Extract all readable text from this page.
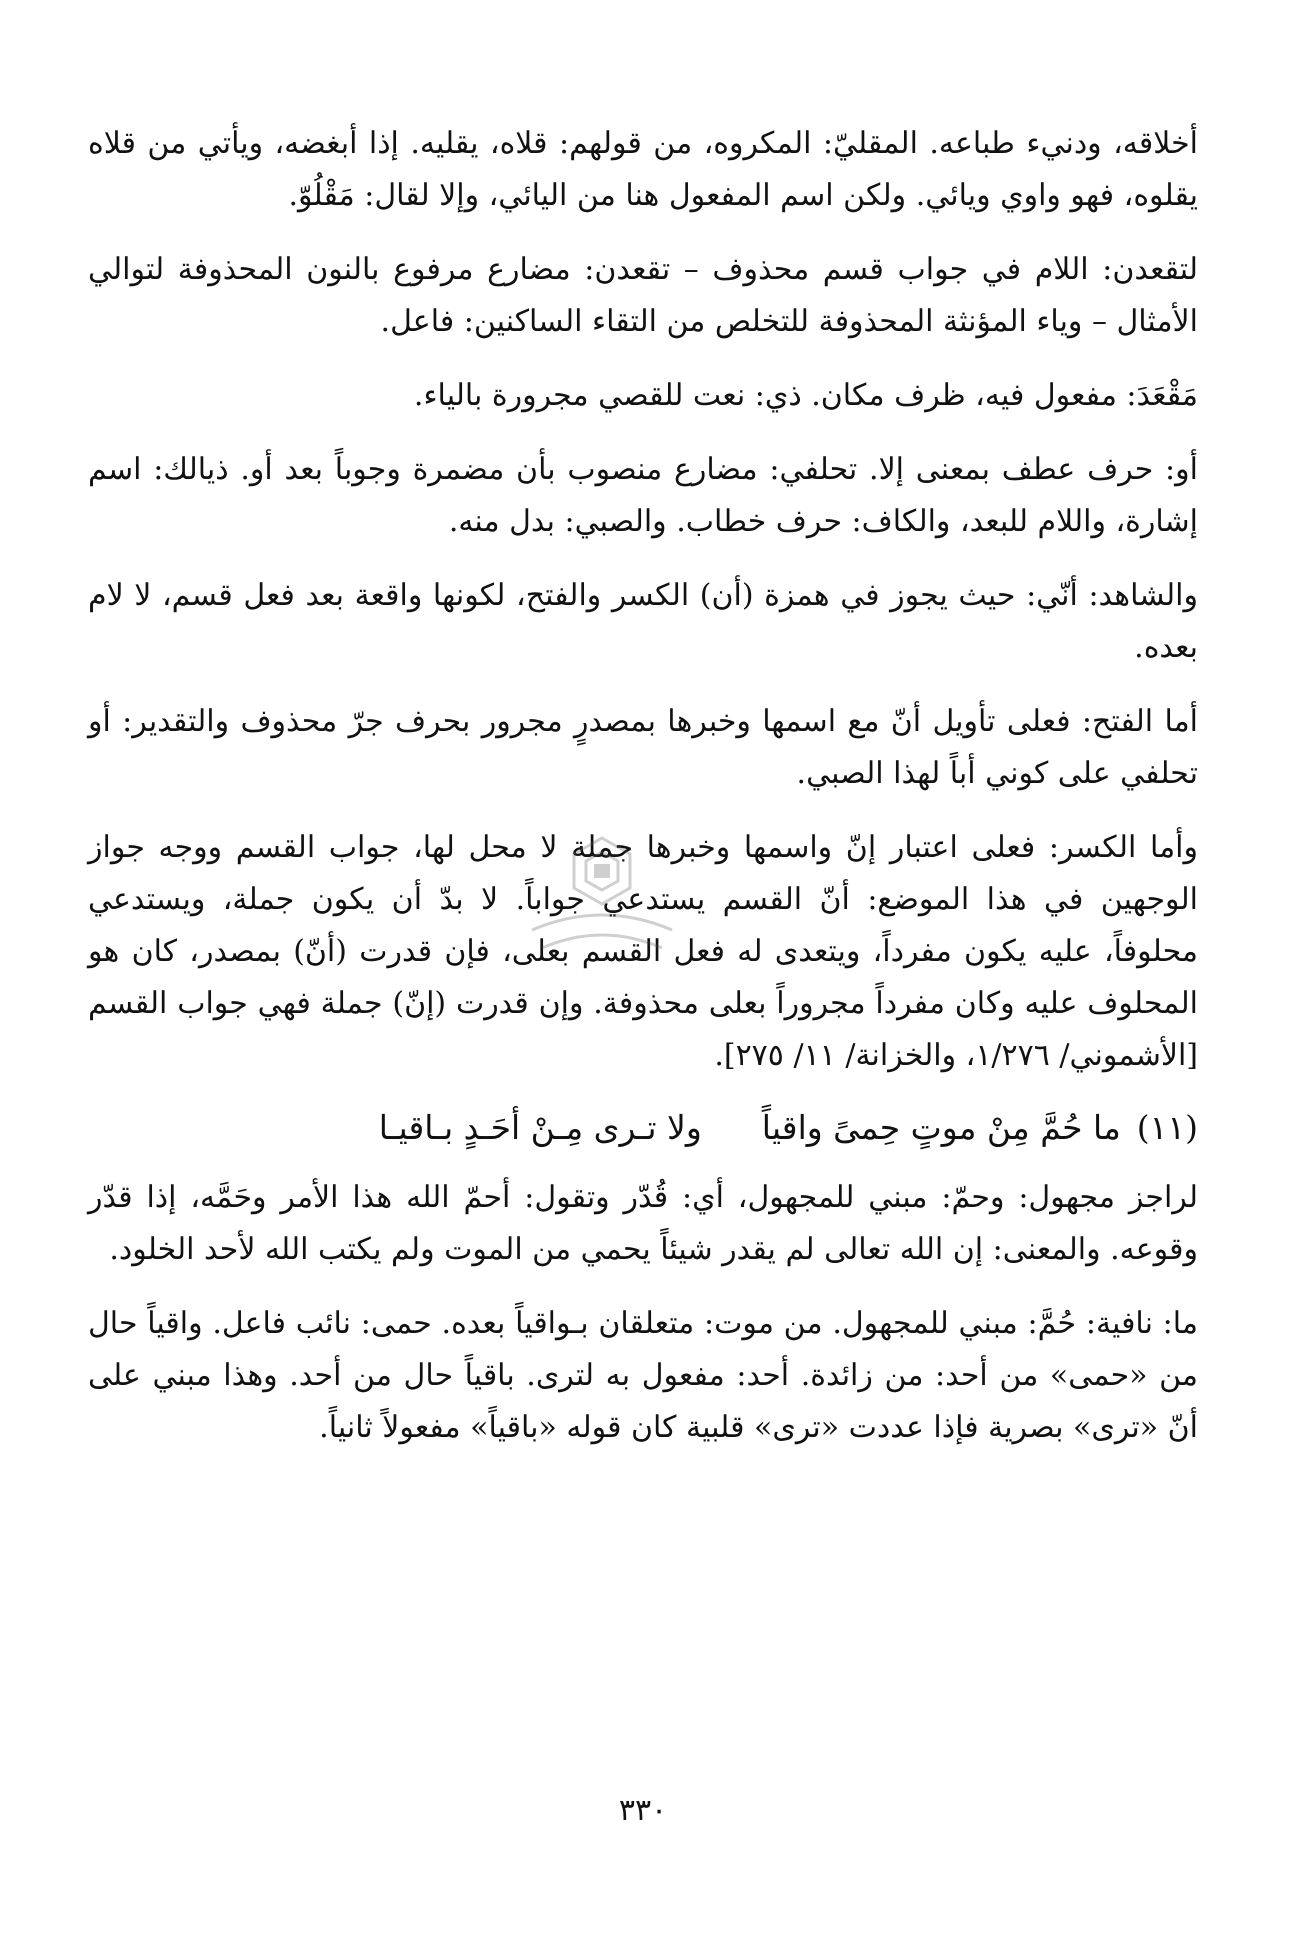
أخلاقه، ودنيء طباعه. المقليّ: المكروه، من قولهم: قلاه، يقليه. إذا أبغضه، ويأتي من قلاه يقلوه، فهو واوي ويائي. ولكن اسم المفعول هنا من اليائي، وإلا لقال: مَقْلُوّ.

لتقعدن: اللام في جواب قسم محذوف – تقعدن: مضارع مرفوع بالنون المحذوفة لتوالي الأمثال – وياء المؤنثة المحذوفة للتخلص من التقاء الساكنين: فاعل.

مَقْعَدَ: مفعول فيه، ظرف مكان. ذي: نعت للقصي مجرورة بالياء.

أو: حرف عطف بمعنى إلا. تحلفي: مضارع منصوب بأن مضمرة وجوباً بعد أو. ذيالك: اسم إشارة، واللام للبعد، والكاف: حرف خطاب. والصبي: بدل منه.

والشاهد: أنّي: حيث يجوز في همزة (أن) الكسر والفتح، لكونها واقعة بعد فعل قسم، لا لام بعده.

أما الفتح: فعلى تأويل أنّ مع اسمها وخبرها بمصدرٍ مجرور بحرف جرّ محذوف والتقدير: أو تحلفي على كوني أباً لهذا الصبي.

وأما الكسر: فعلى اعتبار إنّ واسمها وخبرها جملة لا محل لها، جواب القسم ووجه جواز الوجهين في هذا الموضع: أنّ القسم يستدعي جواباً. لا بدّ أن يكون جملة، ويستدعي محلوفاً، عليه يكون مفرداً، ويتعدى له فعل القسم بعلى، فإن قدرت (أنّ) بمصدر، كان هو المحلوف عليه وكان مفرداً مجروراً بعلى محذوفة. وإن قدرت (إنّ) جملة فهي جواب القسم [الأشموني/ ١/٢٧٦، والخزانة/ ١١/ ٢٧٥].

(١١)
ما حُمَّ مِنْ موتٍ حِمىً واقياً
ولا تـرى مِـنْ أحَـدٍ بـاقيـا

لراجز مجهول: وحمّ: مبني للمجهول، أي: قُدّر وتقول: أحمّ الله هذا الأمر وحَمَّه، إذا قدّر وقوعه. والمعنى: إن الله تعالى لم يقدر شيئاً يحمي من الموت ولم يكتب الله لأحد الخلود.

ما: نافية: حُمَّ: مبني للمجهول. من موت: متعلقان بـواقياً بعده. حمى: نائب فاعل. واقياً حال من «حمى» من أحد: من زائدة. أحد: مفعول به لترى. باقياً حال من أحد. وهذا مبني على أنّ «ترى» بصرية فإذا عددت «ترى» قلبية كان قوله «باقياً» مفعولاً ثانياً.

٣٣٠
